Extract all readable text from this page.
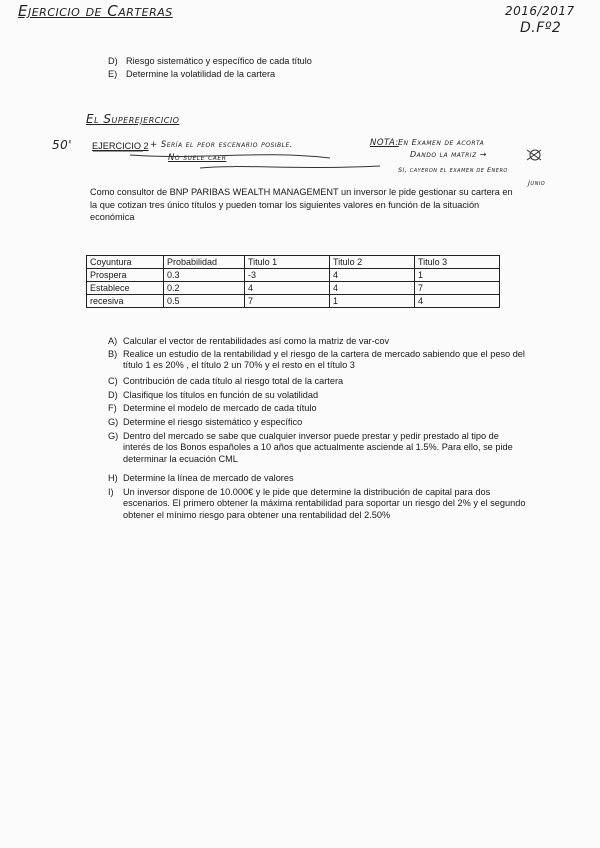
Ejercicio de Carteras	2016/2017
D.Fº2
D) Riesgo sistemático y específico de cada título
E) Determine la volatilidad de la cartera
El Superejercicio
50' EJERCICIO 2 + Sería el peor escenario posible.
No suele caer
NOTA: En Examen de acorta
Dando la matriz →
Sí, cayeron el examen de Enero
Junio
Como consultor de BNP PARIBAS WEALTH MANAGEMENT un inversor le pide gestionar su cartera en la que cotizan tres único títulos y pueden tomar los siguientes valores en función de la situación económica
Coyuntura	Probabilidad	Titulo 1	Titulo 2	Titulo 3
Prospera	0.3	-3	4	1
Establece	0.2	4	4	7
recesiva	0.5	7	1	4
A) Calcular el vector de rentabilidades así como la matriz de var-cov
B) Realice un estudio de la rentabilidad y el riesgo de la cartera de mercado sabiendo que el peso del título 1 es 20% , el título 2 un 70% y el resto en el título 3
C) Contribución de cada título al riesgo total de la cartera
D) Clasifique los títulos en función de su volatilidad
F) Determine el modelo de mercado de cada título
G) Determine el riesgo sistemático y específico
G) Dentro del mercado se sabe que cualquier inversor puede prestar y pedir prestado al tipo de interés de los Bonos españoles a 10 años que actualmente asciende al 1.5%. Para ello, se pide determinar la ecuación CML
H) Determine la línea de mercado de valores
I) Un inversor dispone de 10.000€ y le pide que determine la distribución de capital para dos escenarios. El primero obtener la máxima rentabilidad para soportar un riesgo del 2% y el segundo obtener el mínimo riesgo para obtener una rentabilidad del 2.50%
